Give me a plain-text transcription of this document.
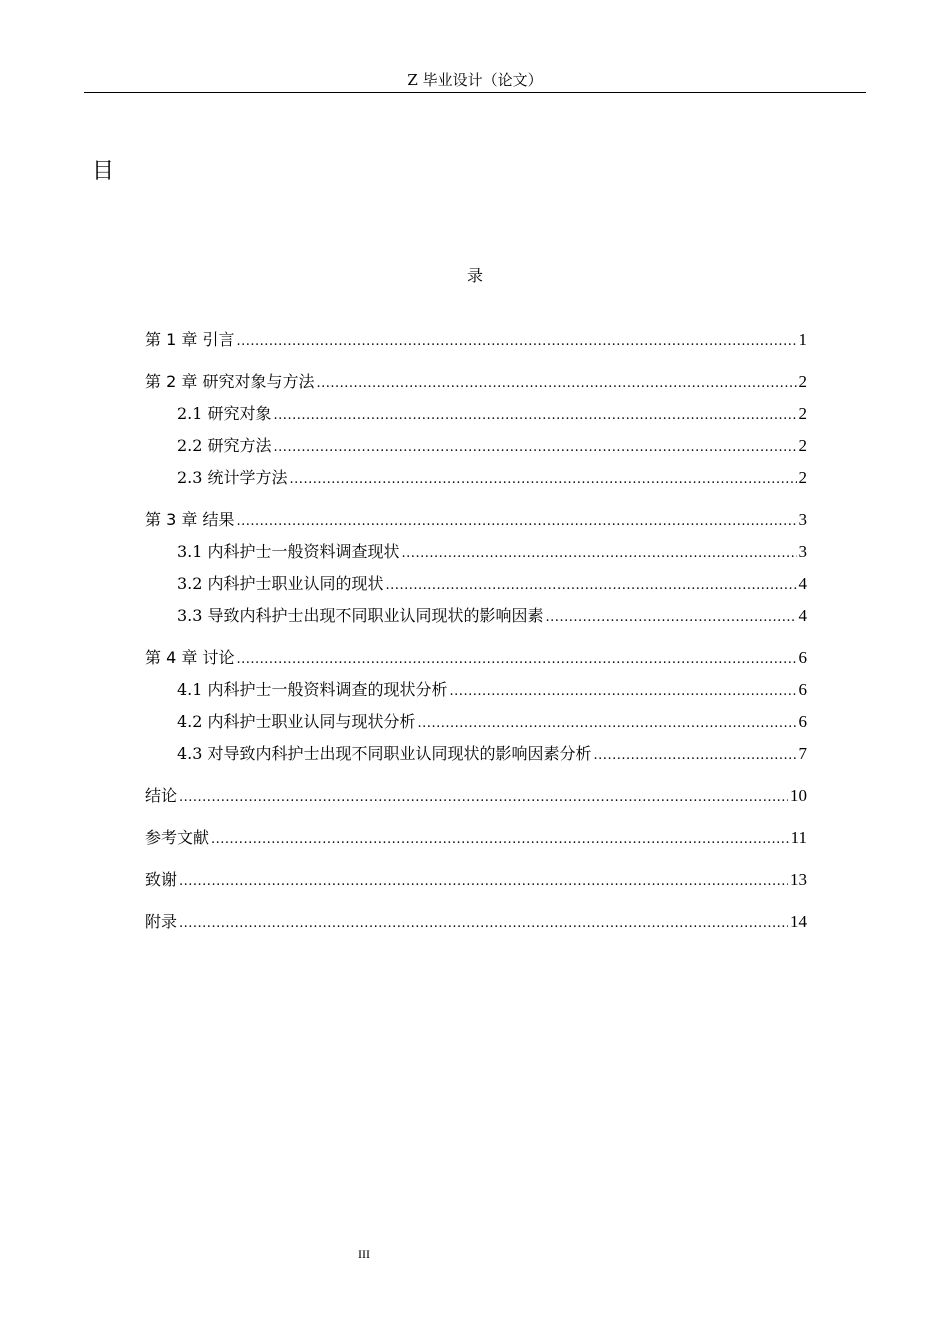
Z 毕业设计（论文）
目
录
第 1 章 引言 .....	1
第 2 章 研究对象与方法 .....	2
2.1 研究对象 .....	2
2.2 研究方法 .....	2
2.3 统计学方法 .....	2
第 3 章 结果 .....	3
3.1 内科护士一般资料调查现状 .....	3
3.2 内科护士职业认同的现状 .....	4
3.3 导致内科护士出现不同职业认同现状的影响因素 .....	4
第 4 章 讨论 .....	6
4.1 内科护士一般资料调查的现状分析 .....	6
4.2 内科护士职业认同与现状分析 .....	6
4.3 对导致内科护士出现不同职业认同现状的影响因素分析 .....	7
结论 .....	10
参考文献 .....	11
致谢 .....	13
附录 .....	14
III
